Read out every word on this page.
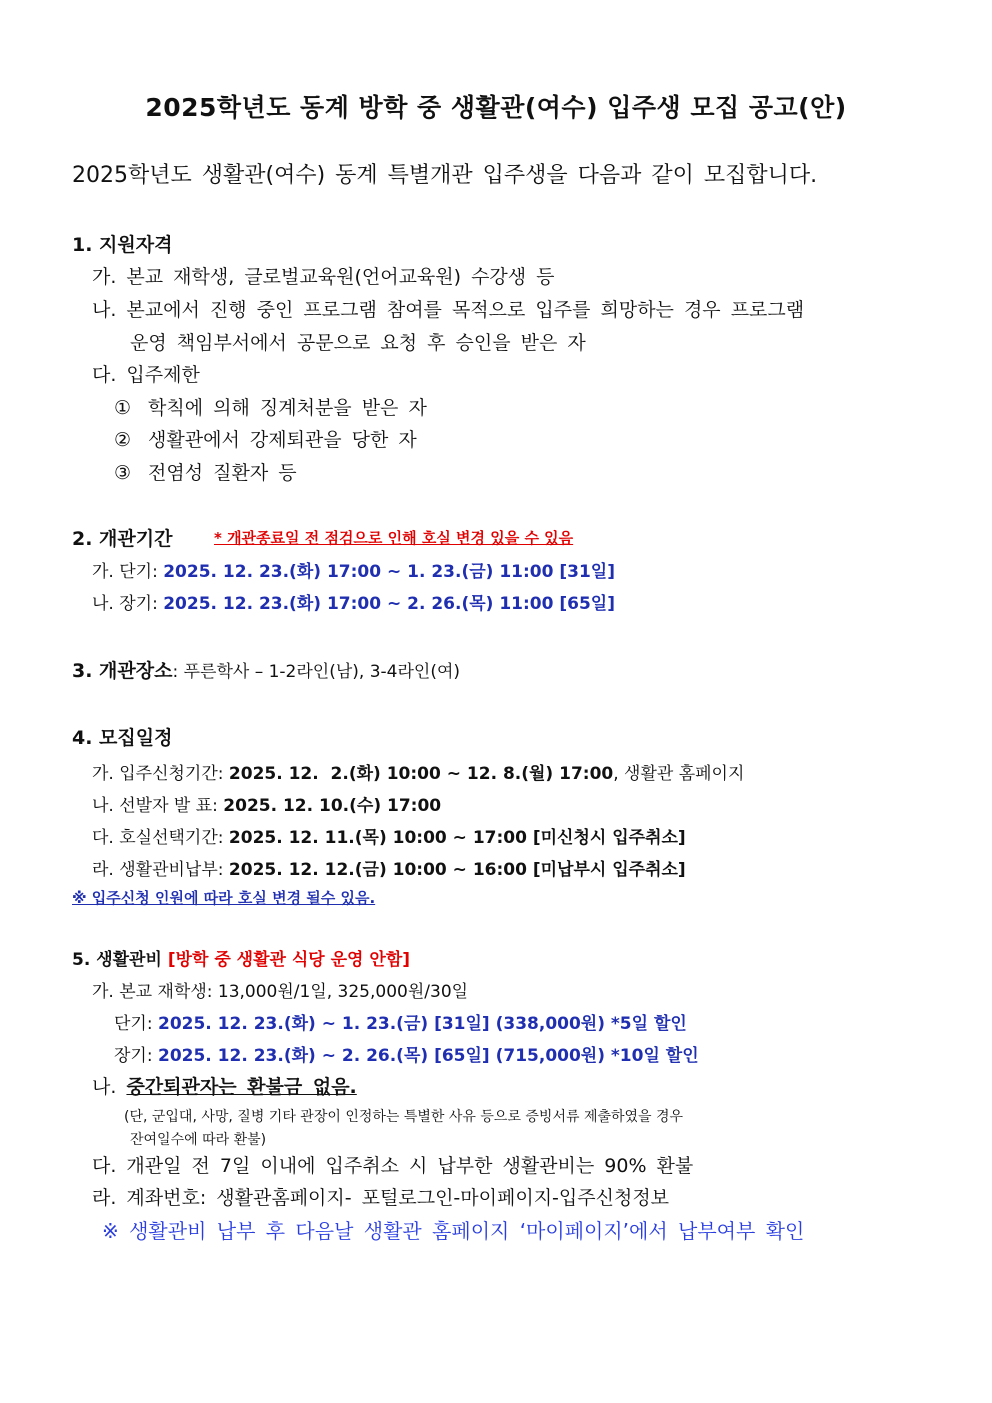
2025학년도 동계 방학 중 생활관(여수) 입주생 모집 공고(안)
2025학년도 생활관(여수) 동계 특별개관 입주생을 다음과 같이 모집합니다.
1. 지원자격
가. 본교 재학생, 글로벌교육원(언어교육원) 수강생 등
나. 본교에서 진행 중인 프로그램 참여를 목적으로 입주를 희망하는 경우 프로그램
운영 책임부서에서 공문으로 요청 후 승인을 받은 자
다. 입주제한
① 학칙에 의해 징계처분을 받은 자
② 생활관에서 강제퇴관을 당한 자
③ 전염성 질환자 등
2. 개관기간	* 개관종료일 전 점검으로 인해 호실 변경 있을 수 있음
가. 단기: 2025. 12. 23.(화) 17:00 ~ 1. 23.(금) 11:00 [31일]
나. 장기: 2025. 12. 23.(화) 17:00 ~ 2. 26.(목) 11:00 [65일]
3. 개관장소: 푸른학사 – 1-2라인(남), 3-4라인(여)
4. 모집일정
가. 입주신청기간: 2025. 12.  2.(화) 10:00 ~ 12. 8.(월) 17:00, 생활관 홈페이지
나. 선발자 발 표: 2025. 12. 10.(수) 17:00
다. 호실선택기간: 2025. 12. 11.(목) 10:00 ~ 17:00 [미신청시 입주취소]
라. 생활관비납부: 2025. 12. 12.(금) 10:00 ~ 16:00 [미납부시 입주취소]
※ 입주신청 인원에 따라 호실 변경 될수 있음.
5. 생활관비 [방학 중 생활관 식당 운영 안함]
가. 본교 재학생: 13,000원/1일, 325,000원/30일
단기: 2025. 12. 23.(화) ~ 1. 23.(금) [31일] (338,000원) *5일 할인
장기: 2025. 12. 23.(화) ~ 2. 26.(목) [65일] (715,000원) *10일 할인
나. 중간퇴관자는 환불금 없음.
(단, 군입대, 사망, 질병 기타 관장이 인정하는 특별한 사유 등으로 증빙서류 제출하였을 경우
잔여일수에 따라 환불)
다. 개관일 전 7일 이내에 입주취소 시 납부한 생활관비는 90% 환불
라. 계좌번호: 생활관홈페이지- 포털로그인-마이페이지-입주신청정보
※ 생활관비 납부 후 다음날 생활관 홈페이지 ‘마이페이지’에서 납부여부 확인
